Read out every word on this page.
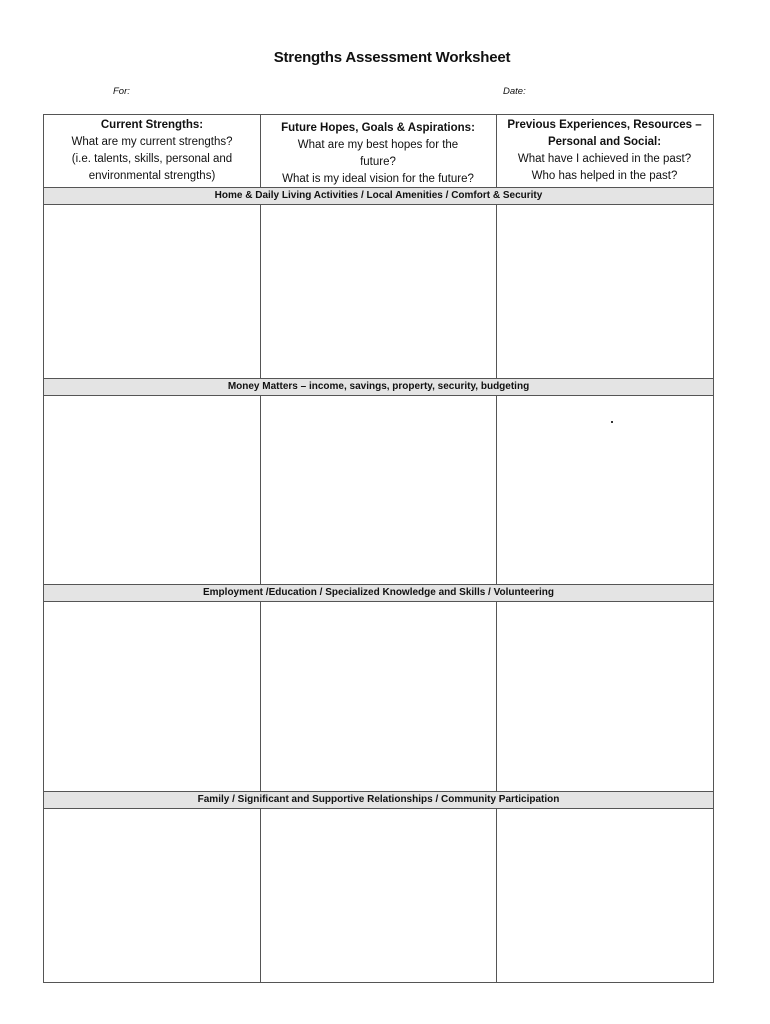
Strengths Assessment Worksheet
For:	Date:
Current Strengths:
What are my current strengths?
(i.e. talents, skills, personal and
environmental strengths)
Future Hopes, Goals & Aspirations:
What are my best hopes for the
future?
What is my ideal vision for the future?
Previous Experiences, Resources –
Personal and Social:
What have I achieved in the past?
Who has helped in the past?
Home & Daily Living Activities / Local Amenities / Comfort & Security
Money Matters – income, savings, property, security, budgeting
Employment /Education / Specialized Knowledge and Skills / Volunteering
Family / Significant and Supportive Relationships / Community Participation
